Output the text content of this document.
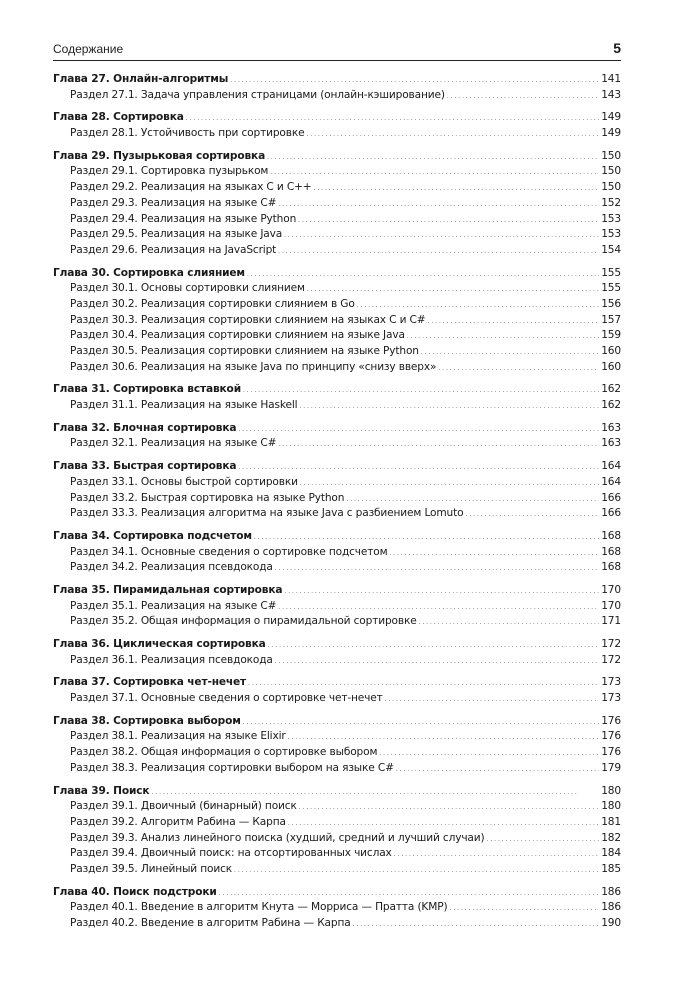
Содержание	5
Глава 27. Онлайн-алгоритмы . . .	141
Раздел 27.1. Задача управления страницами (онлайн-кэширование) . . .	143
Глава 28. Сортировка . . .	149
Раздел 28.1. Устойчивость при сортировке . . .	149
Глава 29. Пузырьковая сортировка . . .	150
Раздел 29.1. Сортировка пузырьком . . .	150
Раздел 29.2. Реализация на языках C и C++ . . .	150
Раздел 29.3. Реализация на языке C# . . .	152
Раздел 29.4. Реализация на языке Python . . .	153
Раздел 29.5. Реализация на языке Java . . .	153
Раздел 29.6. Реализация на JavaScript . . .	154
Глава 30. Сортировка слиянием . . .	155
Раздел 30.1. Основы сортировки слиянием . . .	155
Раздел 30.2. Реализация сортировки слиянием в Go . . .	156
Раздел 30.3. Реализация сортировки слиянием на языках C и C# . . .	157
Раздел 30.4. Реализация сортировки слиянием на языке Java . . .	159
Раздел 30.5. Реализация сортировки слиянием на языке Python . . .	160
Раздел 30.6. Реализация на языке Java по принципу «снизу вверх» . . .	160
Глава 31. Сортировка вставкой . . .	162
Раздел 31.1. Реализация на языке Haskell . . .	162
Глава 32. Блочная сортировка . . .	163
Раздел 32.1. Реализация на языке C# . . .	163
Глава 33. Быстрая сортировка . . .	164
Раздел 33.1. Основы быстрой сортировки . . .	164
Раздел 33.2. Быстрая сортировка на языке Python . . .	166
Раздел 33.3. Реализация алгоритма на языке Java с разбиением Lomuto . . .	166
Глава 34. Сортировка подсчетом . . .	168
Раздел 34.1. Основные сведения о сортировке подсчетом . . .	168
Раздел 34.2. Реализация псевдокода . . .	168
Глава 35. Пирамидальная сортировка . . .	170
Раздел 35.1. Реализация на языке C# . . .	170
Раздел 35.2. Общая информация о пирамидальной сортировке . . .	171
Глава 36. Циклическая сортировка . . .	172
Раздел 36.1. Реализация псевдокода . . .	172
Глава 37. Сортировка чет-нечет . . .	173
Раздел 37.1. Основные сведения о сортировке чет-нечет . . .	173
Глава 38. Сортировка выбором . . .	176
Раздел 38.1. Реализация на языке Elixir . . .	176
Раздел 38.2. Общая информация о сортировке выбором . . .	176
Раздел 38.3. Реализация сортировки выбором на языке C# . . .	179
Глава 39. Поиск . . .	180
Раздел 39.1. Двоичный (бинарный) поиск . . .	180
Раздел 39.2. Алгоритм Рабина — Карпа . . .	181
Раздел 39.3. Анализ линейного поиска (худший, средний и лучший случаи) . . .	182
Раздел 39.4. Двоичный поиск: на отсортированных числах . . .	184
Раздел 39.5. Линейный поиск . . .	185
Глава 40. Поиск подстроки . . .	186
Раздел 40.1. Введение в алгоритм Кнута — Морриса — Пратта (KMP) . . .	186
Раздел 40.2. Введение в алгоритм Рабина — Карпа . . .	190
